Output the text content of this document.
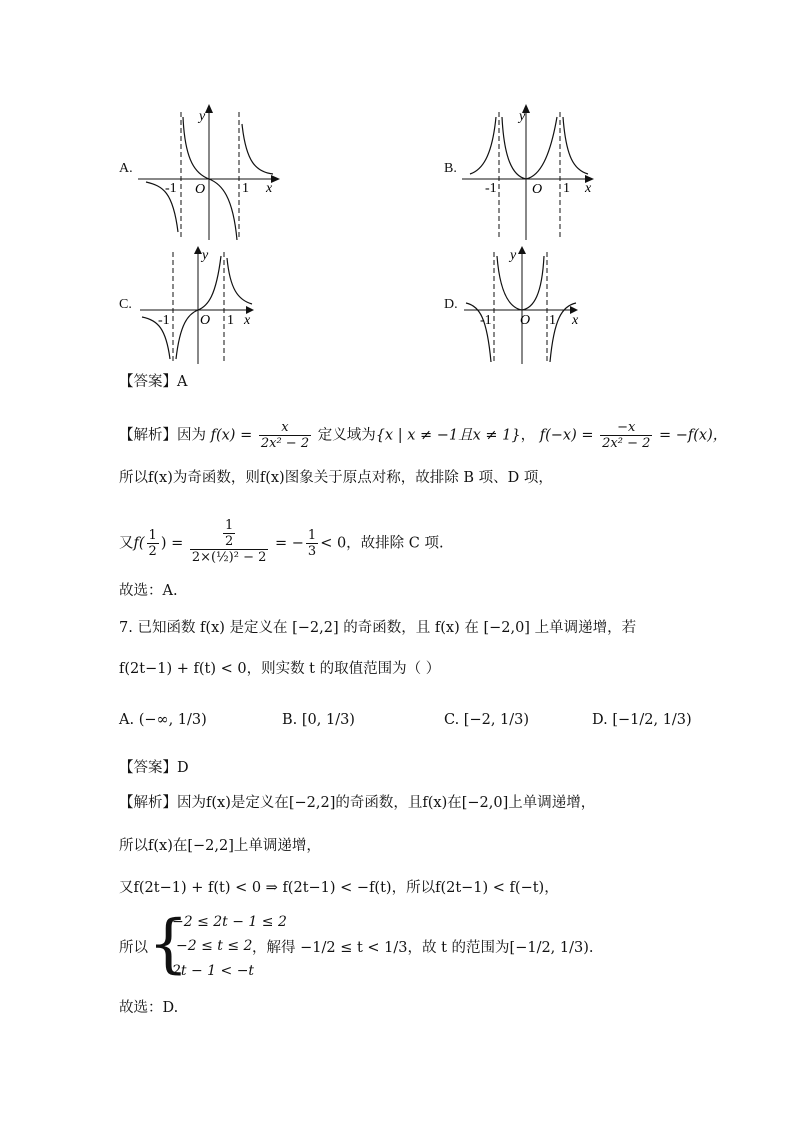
A.
y
x
O
-1	1
B.
y
x
O
-1	1
C.
y
x
O
-1	1
D.
y
x
O
-1	1
【答案】A
【解析】因为 $f(x) = \frac{x}{\text{2x² − 2}}$ 定义域为{x | x ≠ −1且x ≠ 1}， $f(-x) = \frac{-x}{\text{2x² − 2}} = -f(x)$，
所以f(x)为奇函数，则f(x)图象关于原点对称，故排除 B 项、D 项，
又$f( \frac{1}{2}$ ) = $\frac{\frac{1}{2}}{\text{2×(½)² − 2}}$ = − $\frac{1}{3} < 0$，故排除 C 项.
故选：A.
7. 已知函数 f(x) 是定义在 [−2,2] 的奇函数，且 f(x) 在 [−2,0] 上单调递增，若
f(2t−1) + f(t) < 0，则实数 t 的取值范围为（ ）
A. (−∞, 1/3)	B. [0, 1/3)	C. [−2, 1/3)	D. [−1/2, 1/3)
【答案】D
【解析】因为f(x)是定义在[−2,2]的奇函数，且f(x)在[−2,0]上单调递增，
所以f(x)在[−2,2]上单调递增，
又f(2t−1) + f(t) < 0 ⇒ f(2t−1) < −f(t)，所以f(2t−1) < f(−t)，
所以 {
−2 ≤ 2t − 1 ≤ 2
−2 ≤ t ≤ 2
2t − 1 < −t
，解得 −1/2 ≤ t < 1/3，故 t 的范围为[−1/2, 1/3).
故选：D.
